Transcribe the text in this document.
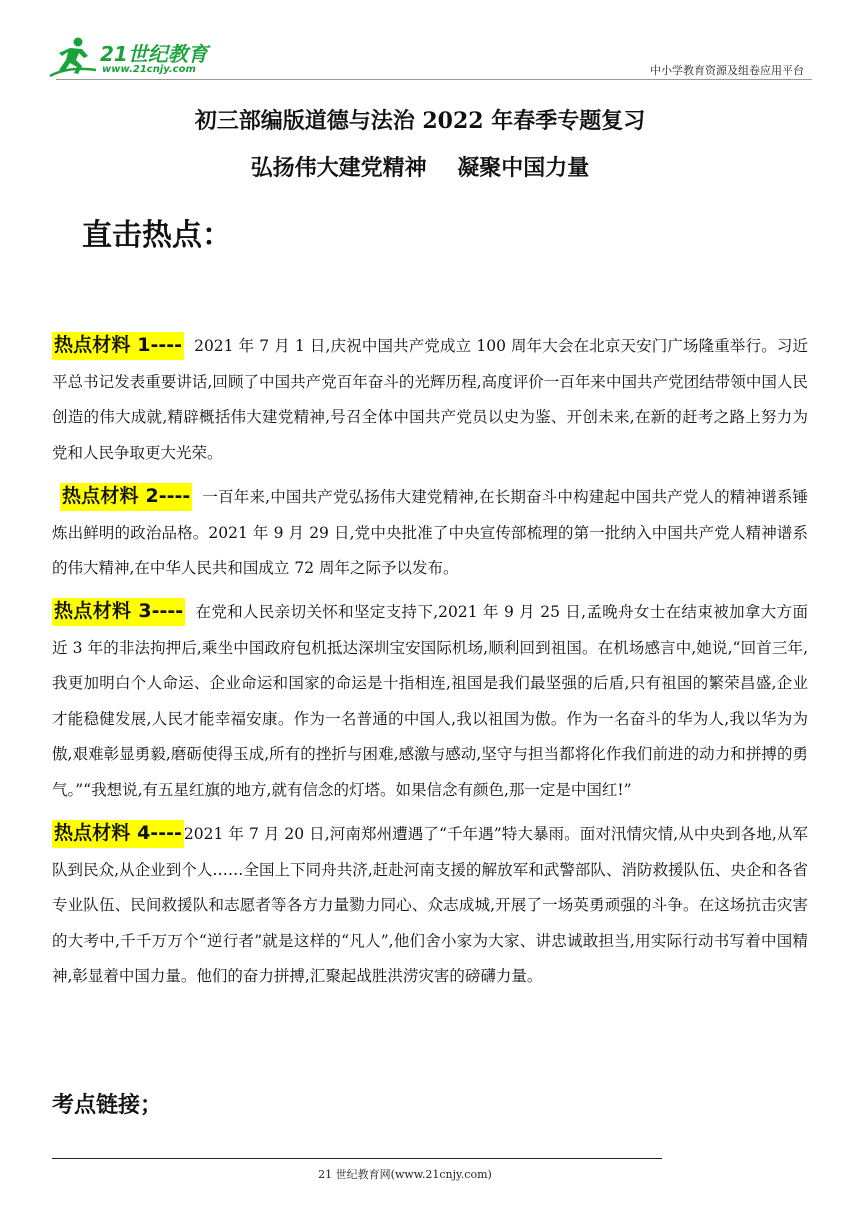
21世纪教育
www.21cnjy.com	中小学教育资源及组卷应用平台
初三部编版道德与法治 2022 年春季专题复习
弘扬伟大建党精神    凝聚中国力量
直击热点：
热点材料 1---- 2021 年 7 月 1 日,庆祝中国共产党成立 100 周年大会在北京天安门广场隆重举行。习近平总书记发表重要讲话,回顾了中国共产党百年奋斗的光辉历程,高度评价一百年来中国共产党团结带领中国人民创造的伟大成就,精辟概括伟大建党精神,号召全体中国共产党员以史为鉴、开创未来,在新的赶考之路上努力为党和人民争取更大光荣。
热点材料 2---- 一百年来,中国共产党弘扬伟大建党精神,在长期奋斗中构建起中国共产党人的精神谱系锤炼出鲜明的政治品格。2021 年 9 月 29 日,党中央批准了中央宣传部梳理的第一批纳入中国共产党人精神谱系的伟大精神,在中华人民共和国成立 72 周年之际予以发布。
热点材料 3---- 在党和人民亲切关怀和坚定支持下,2021 年 9 月 25 日,孟晚舟女士在结束被加拿大方面近 3 年的非法拘押后,乘坐中国政府包机抵达深圳宝安国际机场,顺利回到祖国。在机场感言中,她说,“回首三年,我更加明白个人命运、企业命运和国家的命运是十指相连,祖国是我们最坚强的后盾,只有祖国的繁荣昌盛,企业才能稳健发展,人民才能幸福安康。作为一名普通的中国人,我以祖国为傲。作为一名奋斗的华为人,我以华为为傲,艰难彰显勇毅,磨砺使得玉成,所有的挫折与困难,感激与感动,坚守与担当都将化作我们前进的动力和拼搏的勇气。”“我想说,有五星红旗的地方,就有信念的灯塔。如果信念有颜色,那一定是中国红!”
热点材料 4---- 2021 年 7 月 20 日,河南郑州遭遇了“千年遇”特大暴雨。面对汛情灾情,从中央到各地,从军队到民众,从企业到个人……全国上下同舟共济,赶赴河南支援的解放军和武警部队、消防救援队伍、央企和各省专业队伍、民间救援队和志愿者等各方力量勠力同心、众志成城,开展了一场英勇顽强的斗争。在这场抗击灾害的大考中,千千万万个“逆行者”就是这样的“凡人”,他们舍小家为大家、讲忠诚敢担当,用实际行动书写着中国精神,彰显着中国力量。他们的奋力拼搏,汇聚起战胜洪涝灾害的磅礴力量。
考点链接；
21 世纪教育网(www.21cnjy.com)
